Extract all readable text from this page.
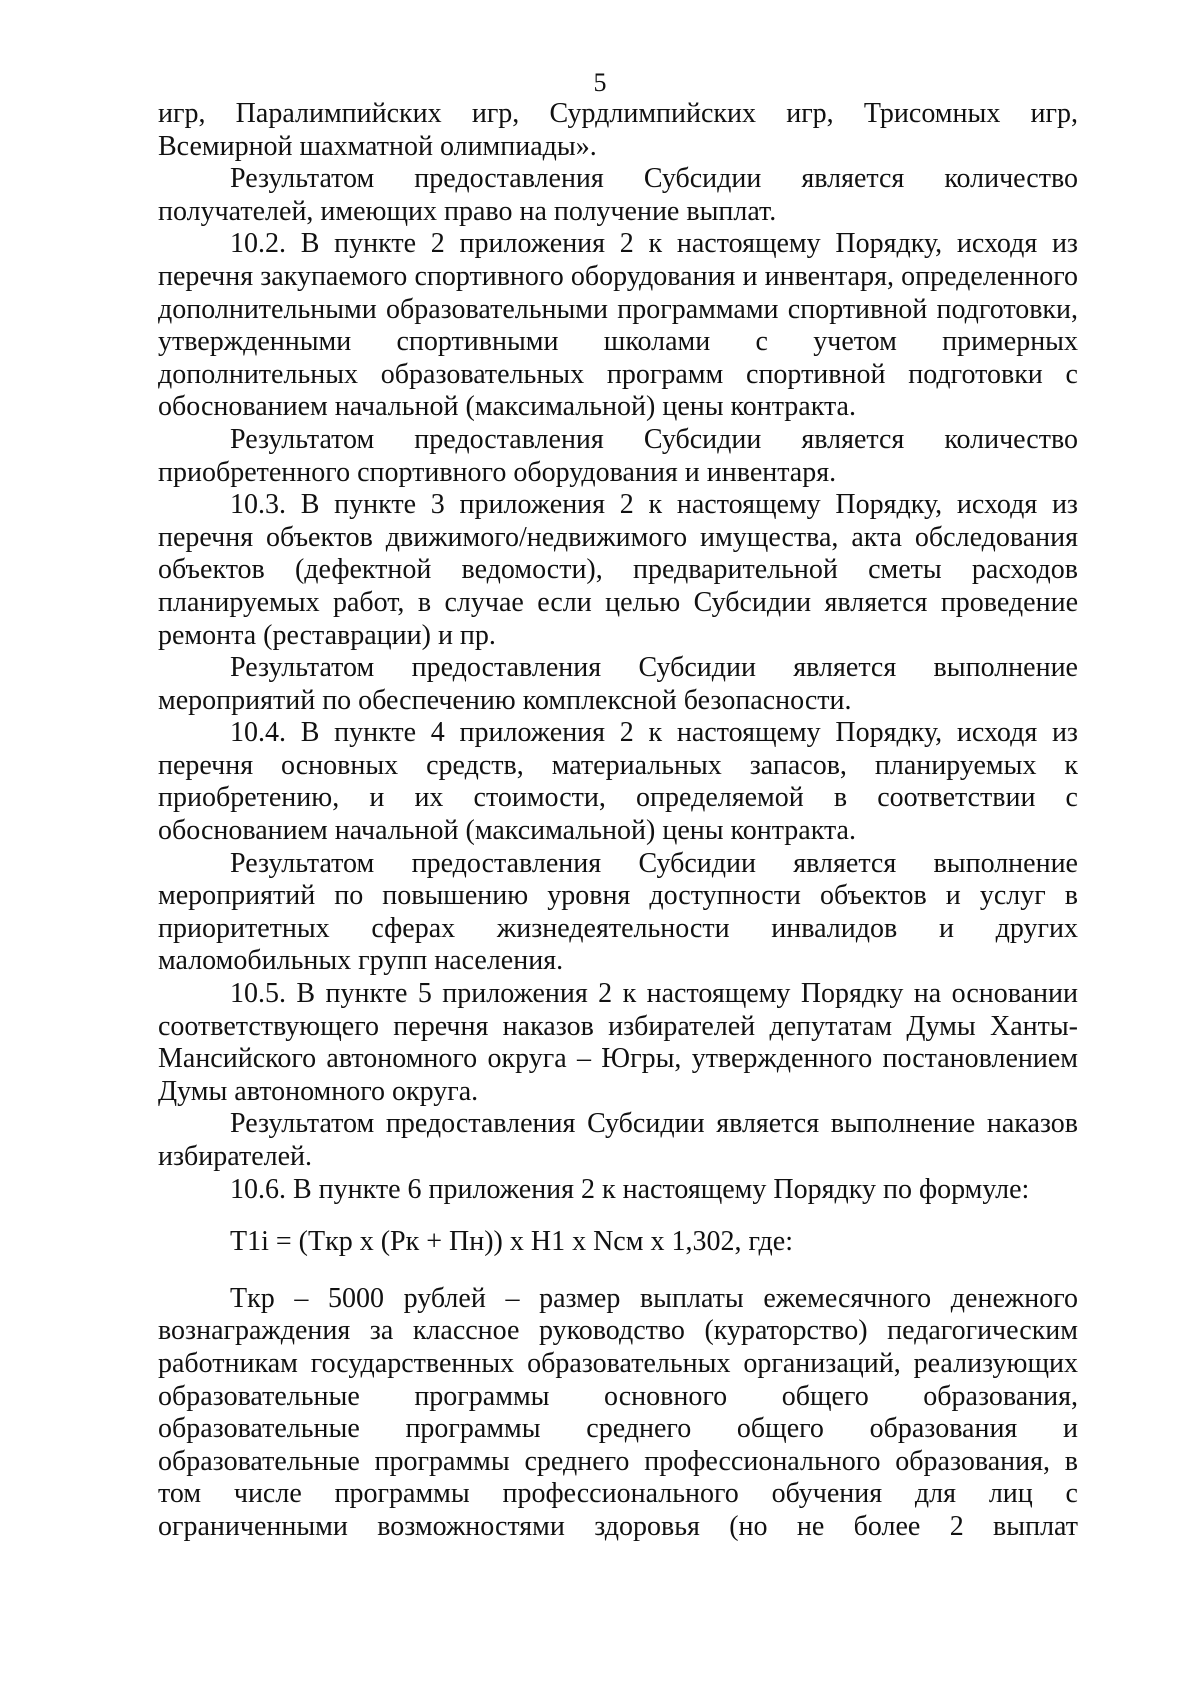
5

игр, Паралимпийских игр, Сурдлимпийских игр, Трисомных игр, Всемирной шахматной олимпиады».

Результатом предоставления Субсидии является количество получателей, имеющих право на получение выплат.

10.2. В пункте 2 приложения 2 к настоящему Порядку, исходя из перечня закупаемого спортивного оборудования и инвентаря, определенного дополнительными образовательными программами спортивной подготовки, утвержденными спортивными школами с учетом примерных дополнительных образовательных программ спортивной подготовки с обоснованием начальной (максимальной) цены контракта.

Результатом предоставления Субсидии является количество приобретенного спортивного оборудования и инвентаря.

10.3. В пункте 3 приложения 2 к настоящему Порядку, исходя из перечня объектов движимого/недвижимого имущества, акта обследования объектов (дефектной ведомости), предварительной сметы расходов планируемых работ, в случае если целью Субсидии является проведение ремонта (реставрации) и пр.

Результатом предоставления Субсидии является выполнение мероприятий по обеспечению комплексной безопасности.

10.4. В пункте 4 приложения 2 к настоящему Порядку, исходя из перечня основных средств, материальных запасов, планируемых к приобретению, и их стоимости, определяемой в соответствии с обоснованием начальной (максимальной) цены контракта.

Результатом предоставления Субсидии является выполнение мероприятий по повышению уровня доступности объектов и услуг в приоритетных сферах жизнедеятельности инвалидов и других маломобильных групп населения.

10.5. В пункте 5 приложения 2 к настоящему Порядку на основании соответствующего перечня наказов избирателей депутатам Думы Ханты-Мансийского автономного округа – Югры, утвержденного постановлением Думы автономного округа.

Результатом предоставления Субсидии является выполнение наказов избирателей.

10.6. В пункте 6 приложения 2 к настоящему Порядку по формуле:

T1i = (Tкр x (Pк + Пн)) x H1 x Nсм x 1,302, где:

Tкр – 5000 рублей – размер выплаты ежемесячного денежного вознаграждения за классное руководство (кураторство) педагогическим работникам государственных образовательных организаций, реализующих образовательные программы основного общего образования, образовательные программы среднего общего образования и образовательные программы среднего профессионального образования, в том числе программы профессионального обучения для лиц с ограниченными возможностями здоровья (но не более 2 выплат
